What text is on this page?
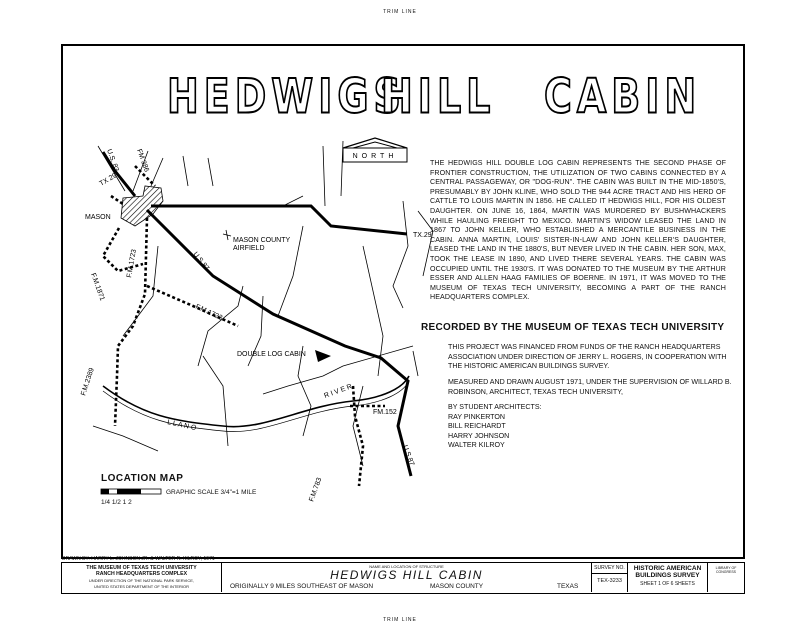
TRIM LINE
HEDWIGS
HILL CABIN
NORTH
U.S. 83 FM 386
TX 29
MASON
MASON COUNTY
AIRFIELD
TX.29
U.S.87
F.M.1871
F.M.1723
F.M.1723
DOUBLE LOG CABIN
FM.152
F.M.2389
L L A N O
R I V E R
U.S.87
F.M.783
THE HEDWIGS HILL DOUBLE LOG CABIN REPRESENTS THE SECOND PHASE OF FRONTIER CONSTRUCTION, THE UTILIZATION OF TWO CABINS CONNECTED BY A CENTRAL PASSAGEWAY, OR "DOG-RUN". THE CABIN WAS BUILT IN THE MID-1850'S, PRESUMABLY BY JOHN KLINE, WHO SOLD THE 944 ACRE TRACT AND HIS HERD OF CATTLE TO LOUIS MARTIN IN 1856. HE CALLED IT HEDWIGS HILL, FOR HIS OLDEST DAUGHTER. ON JUNE 16, 1864, MARTIN WAS MURDERED BY BUSHWHACKERS WHILE HAULING FREIGHT TO MEXICO. MARTIN'S WIDOW LEASED THE LAND IN 1867 TO JOHN KELLER, WHO ESTABLISHED A MERCANTILE BUSINESS IN THE CABIN. ANNA MARTIN, LOUIS' SISTER-IN-LAW AND JOHN KELLER'S DAUGHTER, LEASED THE LAND IN THE 1880'S, BUT NEVER LIVED IN THE CABIN. HER SON, MAX, TOOK THE LEASE IN 1890, AND LIVED THERE SEVERAL YEARS. THE CABIN WAS OCCUPIED UNTIL THE 1930'S. IT WAS DONATED TO THE MUSEUM BY THE ARTHUR ESSER AND ALLEN HAAG FAMILIES OF BOERNE. IN 1971, IT WAS MOVED TO THE MUSEUM OF TEXAS TECH UNIVERSITY, BECOMING A PART OF THE RANCH HEADQUARTERS COMPLEX.
RECORDED BY THE MUSEUM OF TEXAS TECH UNIVERSITY
THIS PROJECT WAS FINANCED FROM FUNDS OF THE RANCH HEADQUARTERS ASSOCIATION UNDER DIRECTION OF JERRY L. ROGERS, IN COOPERATION WITH THE HISTORIC AMERICAN BUILDINGS SURVEY.
MEASURED AND DRAWN AUGUST 1971, UNDER THE SUPERVISION OF WILLARD B. ROBINSON, ARCHITECT, TEXAS TECH UNIVERSITY,
BY STUDENT ARCHITECTS:
RAY PINKERTON
BILL REICHARDT
HARRY JOHNSON
WALTER KILROY
LOCATION MAP
GRAPHIC SCALE 3/4"=1 MILE
1/4 1/2 1 2
DRAWN BY: HARRY L. JOHNSON JR. & WALTER R. KILROY, 1971
THE MUSEUM OF TEXAS TECH UNIVERSITY
RANCH HEADQUARTERS COMPLEX
UNDER DIRECTION OF THE NATIONAL PARK SERVICE,
UNITED STATES DEPARTMENT OF THE INTERIOR
NAME AND LOCATION OF STRUCTURE
HEDWIGS HILL CABIN
ORIGINALLY 9 MILES SOUTHEAST OF MASON	MASON COUNTY	TEXAS
SURVEY NO.
TEX-3233
HISTORIC AMERICAN
BUILDINGS SURVEY
SHEET 1 OF 6 SHEETS
LIBRARY OF CONGRESS
TRIM LINE
